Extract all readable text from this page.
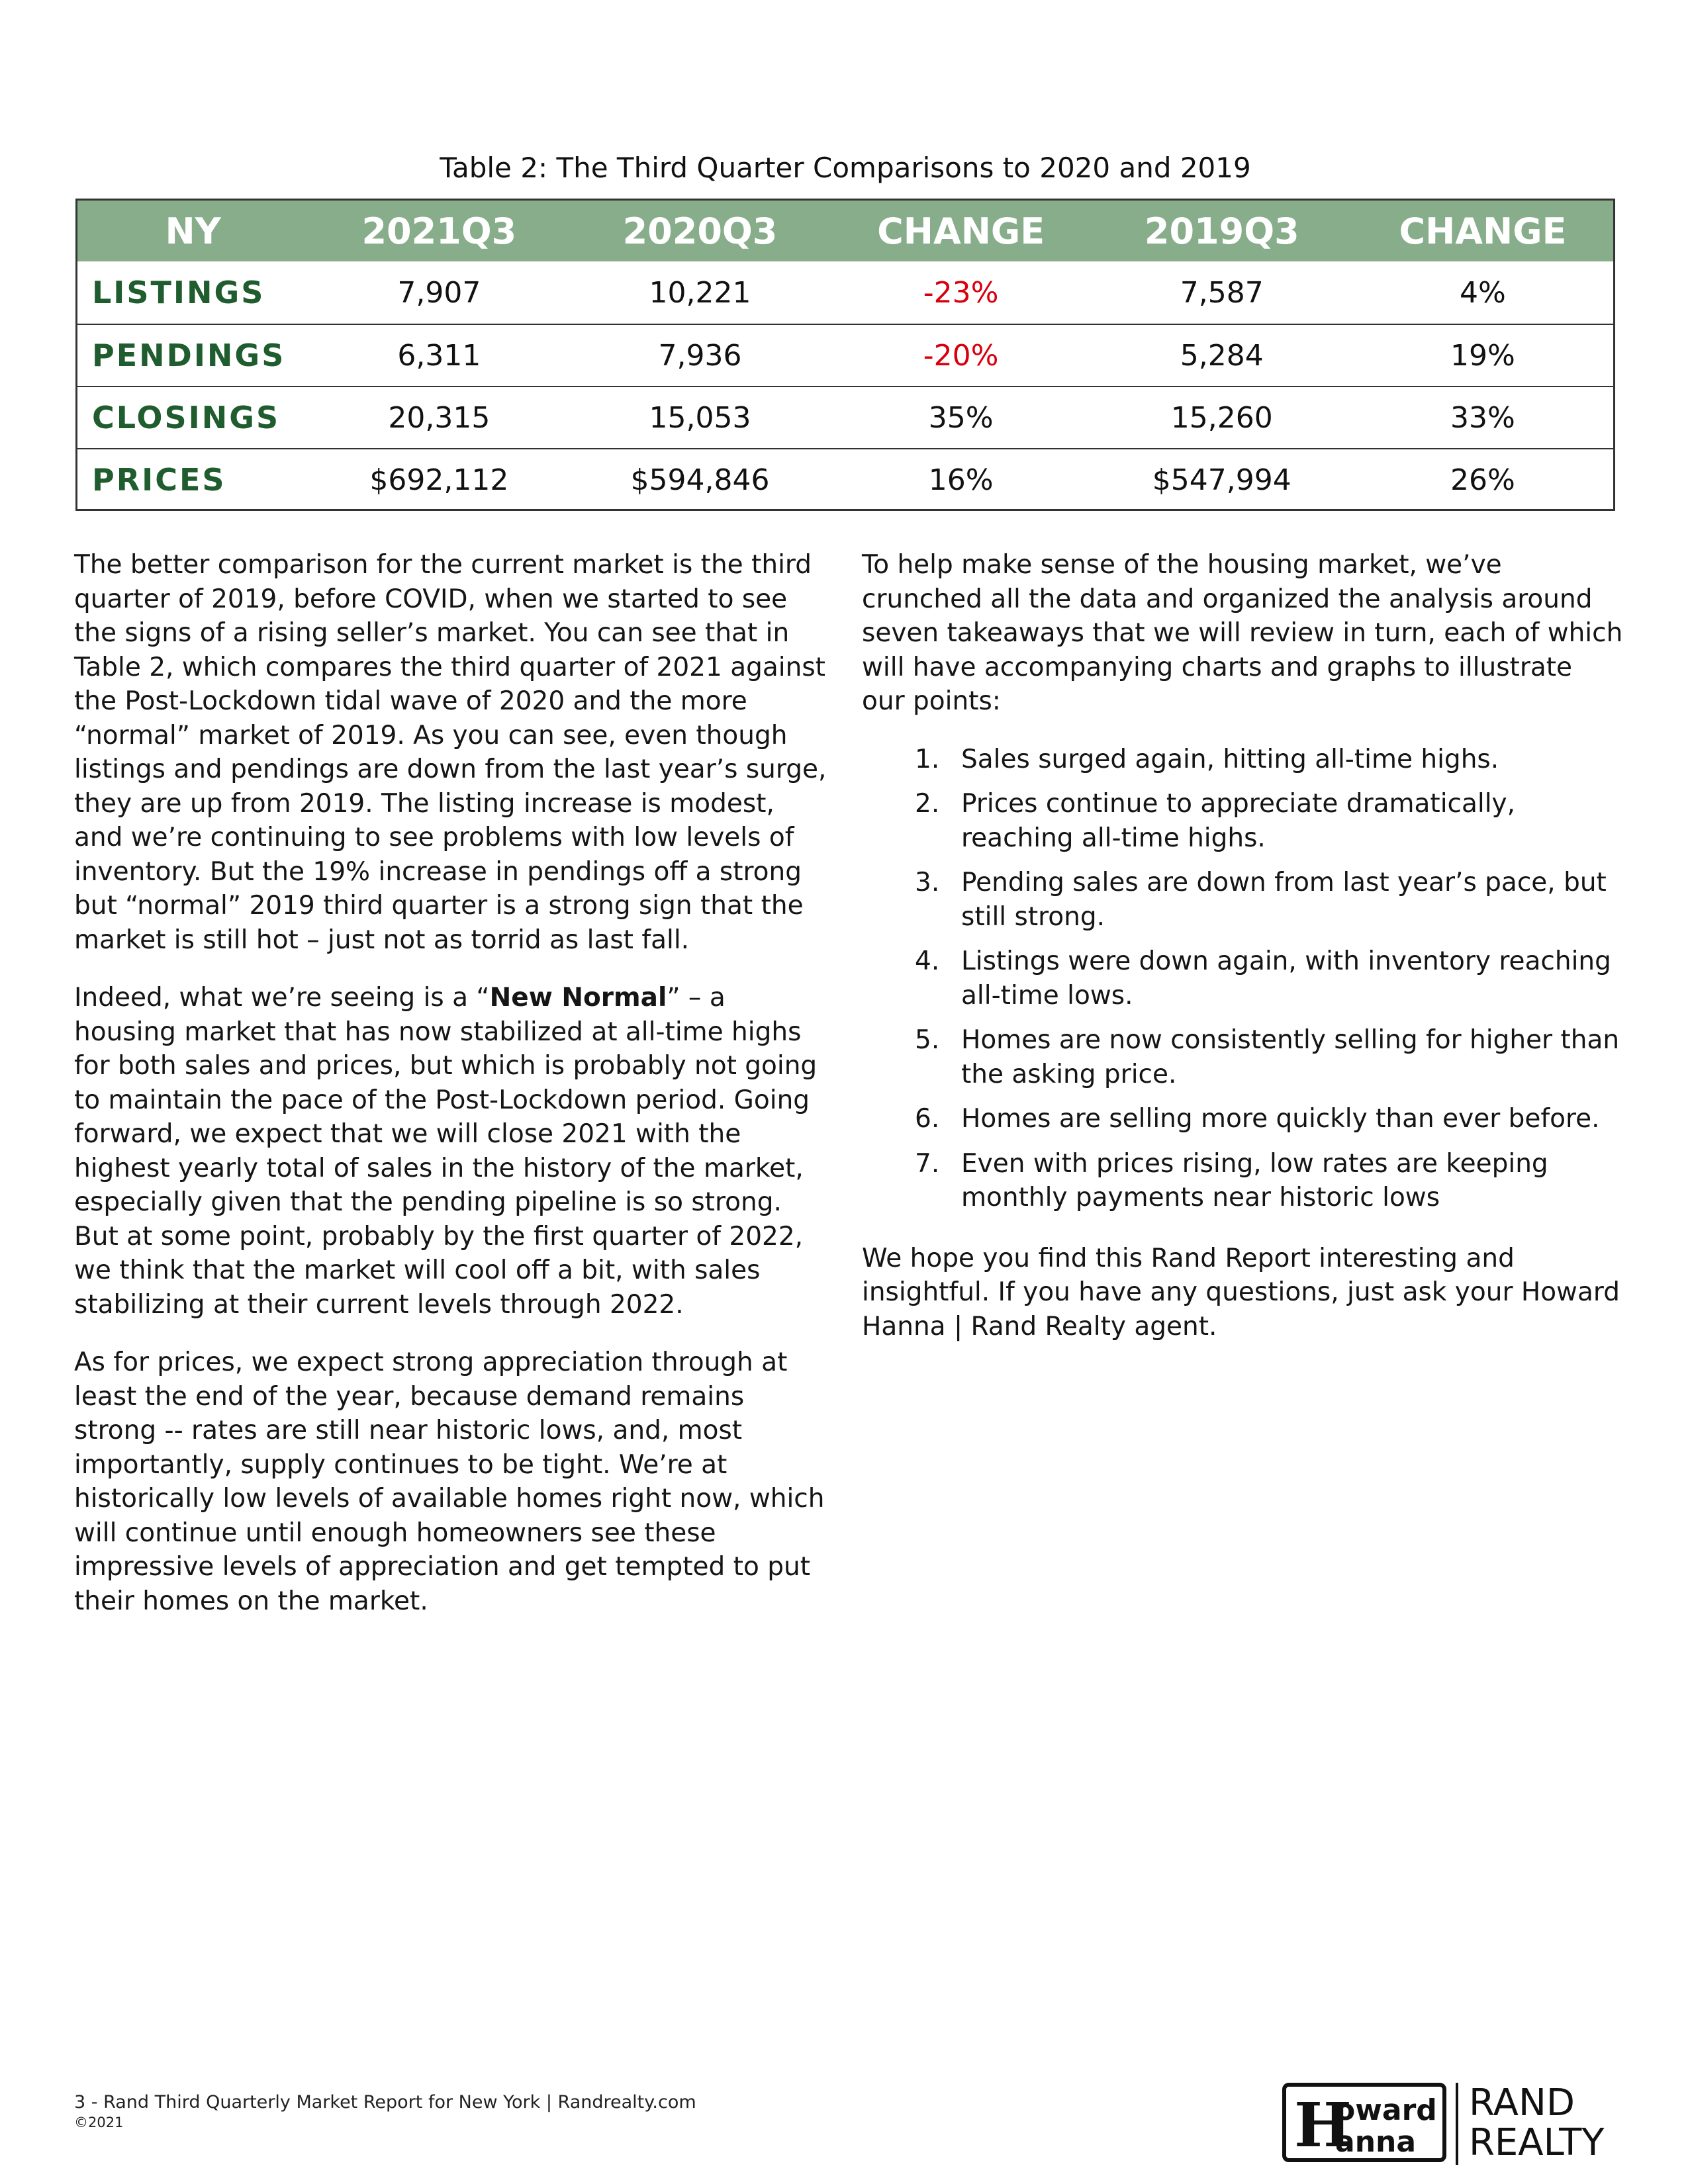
Table 2: The Third Quarter Comparisons to 2020 and 2019
NY	2021Q3	2020Q3	CHANGE	2019Q3	CHANGE
LISTINGS	7,907	10,221	-23%	7,587	4%
PENDINGS	6,311	7,936	-20%	5,284	19%
CLOSINGS	20,315	15,053	35%	15,260	33%
PRICES	$692,112	$594,846	16%	$547,994	26%

The better comparison for the current market is the third quarter of 2019, before COVID, when we started to see the signs of a rising seller’s market. You can see that in Table 2, which compares the third quarter of 2021 against the Post-Lockdown tidal wave of 2020 and the more “normal” market of 2019. As you can see, even though listings and pendings are down from the last year’s surge, they are up from 2019. The listing increase is modest, and we’re continuing to see problems with low levels of inventory. But the 19% increase in pendings off a strong but “normal” 2019 third quarter is a strong sign that the market is still hot – just not as torrid as last fall.

Indeed, what we’re seeing is a “New Normal” – a housing market that has now stabilized at all-time highs for both sales and prices, but which is probably not going to maintain the pace of the Post-Lockdown period. Going forward, we expect that we will close 2021 with the highest yearly total of sales in the history of the market, especially given that the pending pipeline is so strong. But at some point, probably by the first quarter of 2022, we think that the market will cool off a bit, with sales stabilizing at their current levels through 2022.

As for prices, we expect strong appreciation through at least the end of the year, because demand remains strong -- rates are still near historic lows, and, most importantly, supply continues to be tight. We’re at historically low levels of available homes right now, which will continue until enough homeowners see these impressive levels of appreciation and get tempted to put their homes on the market.

To help make sense of the housing market, we’ve crunched all the data and organized the analysis around seven takeaways that we will review in turn, each of which will have accompanying charts and graphs to illustrate our points:

1. Sales surged again, hitting all-time highs.
2. Prices continue to appreciate dramatically, reaching all-time highs.
3. Pending sales are down from last year’s pace, but still strong.
4. Listings were down again, with inventory reaching all-time lows.
5. Homes are now consistently selling for higher than the asking price.
6. Homes are selling more quickly than ever before.
7. Even with prices rising, low rates are keeping monthly payments near historic lows

We hope you find this Rand Report interesting and insightful. If you have any questions, just ask your Howard Hanna | Rand Realty agent.

3 - Rand Third Quarterly Market Report for New York | Randrealty.com
©2021	H
oward
anna
RAND
REALTY
